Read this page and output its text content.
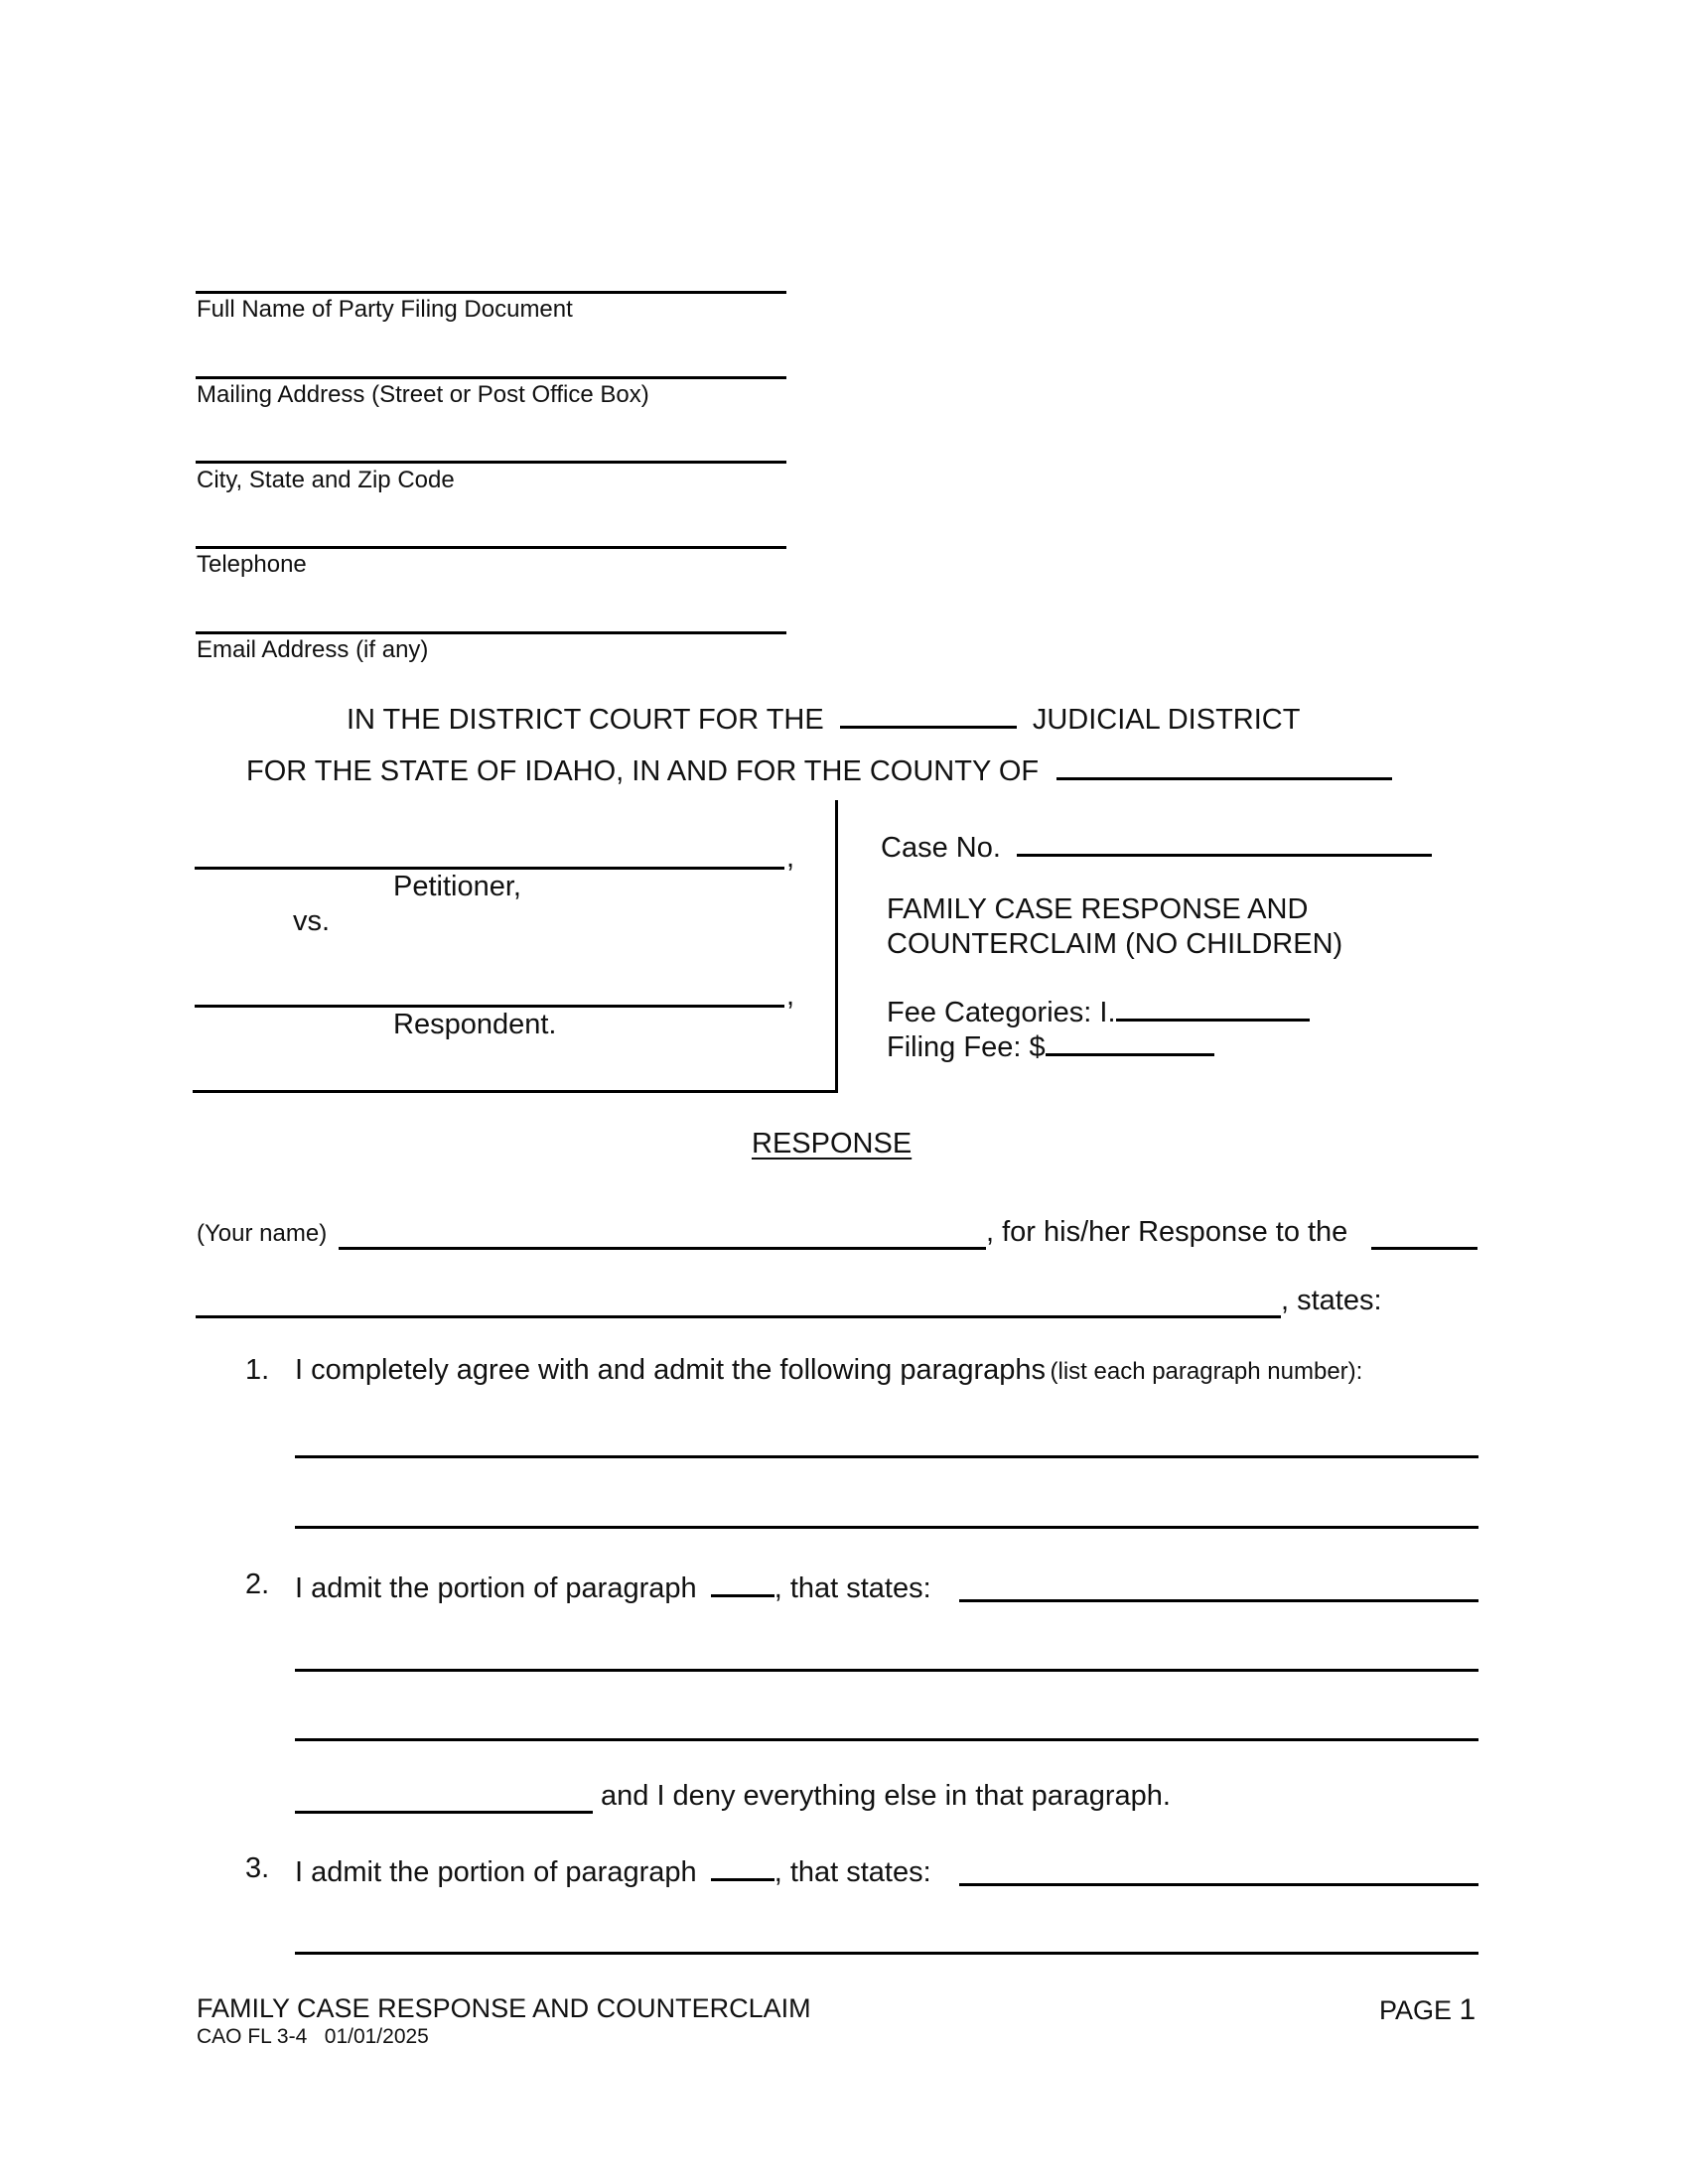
Full Name of Party Filing Document
Mailing Address (Street or Post Office Box)
City, State and Zip Code
Telephone
Email Address (if any)
IN THE DISTRICT COURT FOR THE	JUDICIAL DISTRICT
FOR THE STATE OF IDAHO, IN AND FOR THE COUNTY OF
,
Petitioner,
vs.
,
Respondent.
Case No.
FAMILY CASE RESPONSE AND
COUNTERCLAIM (NO CHILDREN)
Fee Categories: I.
Filing Fee: $
RESPONSE
(Your name)	, for his/her Response to the
, states:
1. I completely agree with and admit the following paragraphs (list each paragraph number):
2. I admit the portion of paragraph	, that states:
and I deny everything else in that paragraph.
3. I admit the portion of paragraph	, that states:
FAMILY CASE RESPONSE AND COUNTERCLAIM
CAO FL 3-4   01/01/2025
PAGE 1
